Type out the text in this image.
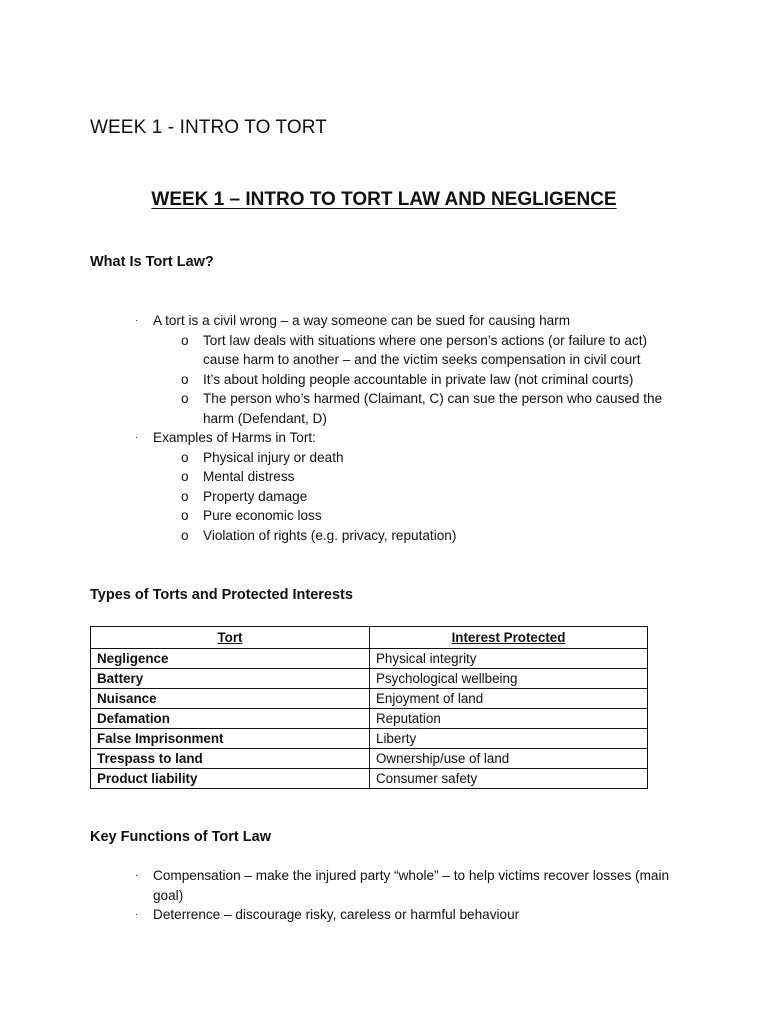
WEEK 1 - INTRO TO TORT
WEEK 1 – INTRO TO TORT LAW AND NEGLIGENCE
What Is Tort Law?
· A tort is a civil wrong – a way someone can be sued for causing harm
o Tort law deals with situations where one person’s actions (or failure to act) cause harm to another – and the victim seeks compensation in civil court
o It’s about holding people accountable in private law (not criminal courts)
o The person who’s harmed (Claimant, C) can sue the person who caused the harm (Defendant, D)
· Examples of Harms in Tort:
o Physical injury or death
o Mental distress
o Property damage
o Pure economic loss
o Violation of rights (e.g. privacy, reputation)
Types of Torts and Protected Interests
Tort	Interest Protected
Negligence	Physical integrity
Battery	Psychological wellbeing
Nuisance	Enjoyment of land
Defamation	Reputation
False Imprisonment	Liberty
Trespass to land	Ownership/use of land
Product liability	Consumer safety
Key Functions of Tort Law
· Compensation – make the injured party “whole” – to help victims recover losses (main goal)
· Deterrence – discourage risky, careless or harmful behaviour
